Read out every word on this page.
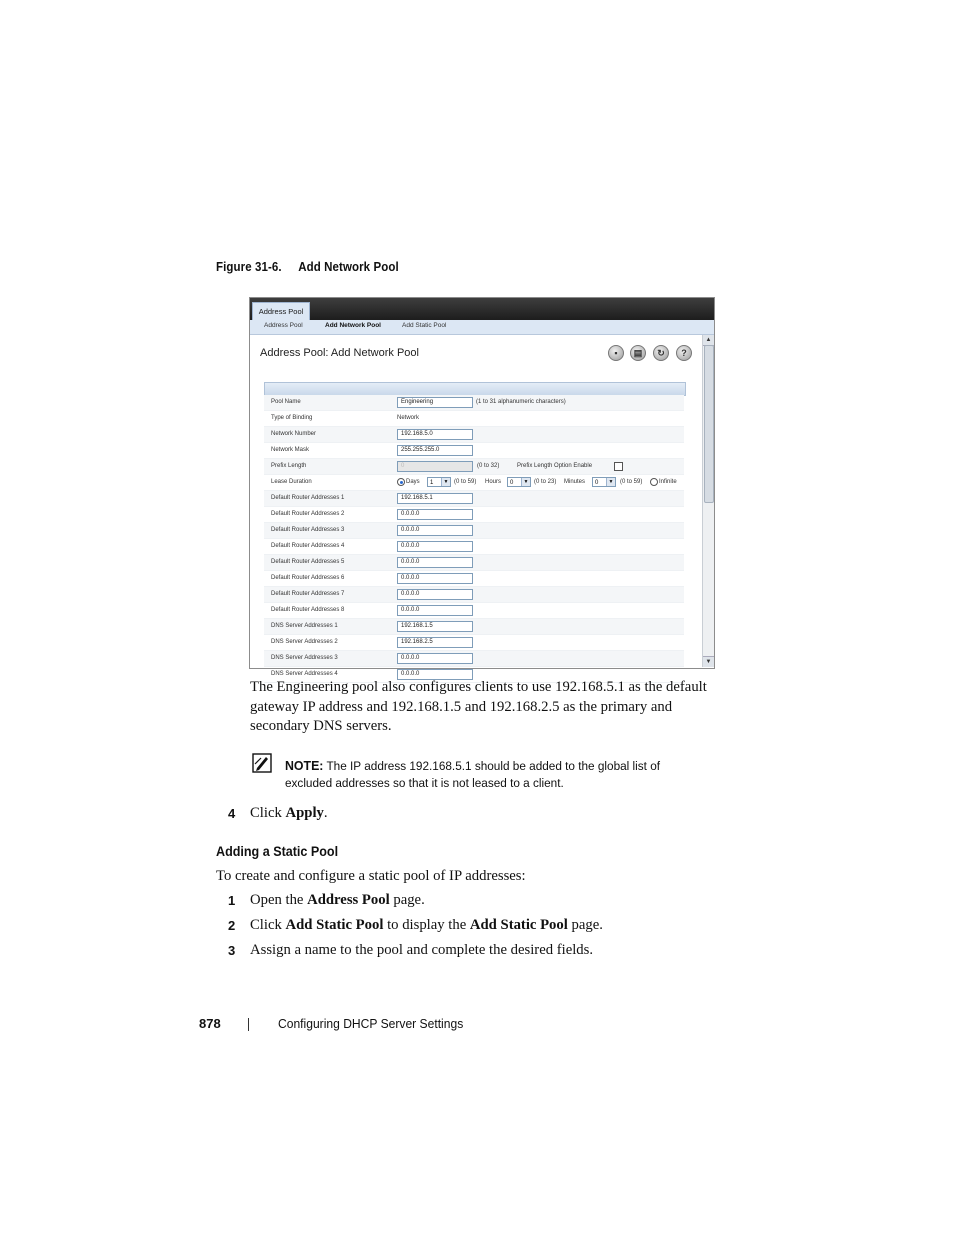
Figure 31-6. Add Network Pool
Address Pool
Address Pool	Add Network Pool	Add Static Pool
Address Pool: Add Network Pool	▪	▤	↻	?
Pool Name	Engineering	(1 to 31 alphanumeric characters)
Type of Binding	Network
Network Number	192.168.5.0
Network Mask	255.255.255.0
Prefix Length	0	(0 to 32)	Prefix Length Option Enable
Lease Duration	Days	1	▼ (0 to 59) Hours	0	▼ (0 to 23) Minutes	0	▼ (0 to 59)	Infinite
Default Router Addresses 1	192.168.5.1
Default Router Addresses 2	0.0.0.0
Default Router Addresses 3	0.0.0.0
Default Router Addresses 4	0.0.0.0
Default Router Addresses 5	0.0.0.0
Default Router Addresses 6	0.0.0.0
Default Router Addresses 7	0.0.0.0
Default Router Addresses 8	0.0.0.0
DNS Server Addresses 1	192.168.1.5
DNS Server Addresses 2	192.168.2.5
DNS Server Addresses 3	0.0.0.0
DNS Server Addresses 4	0.0.0.0
▲
▼
The Engineering pool also configures clients to use 192.168.5.1 as the default gateway IP address and 192.168.1.5 and 192.168.2.5 as the primary and secondary DNS servers.
NOTE: The IP address 192.168.5.1 should be added to the global list of excluded addresses so that it is not leased to a client.
4 Click Apply.
Adding a Static Pool
To create and configure a static pool of IP addresses:
1 Open the Address Pool page.
2 Click Add Static Pool to display the Add Static Pool page.
3 Assign a name to the pool and complete the desired fields.
878	Configuring DHCP Server Settings
